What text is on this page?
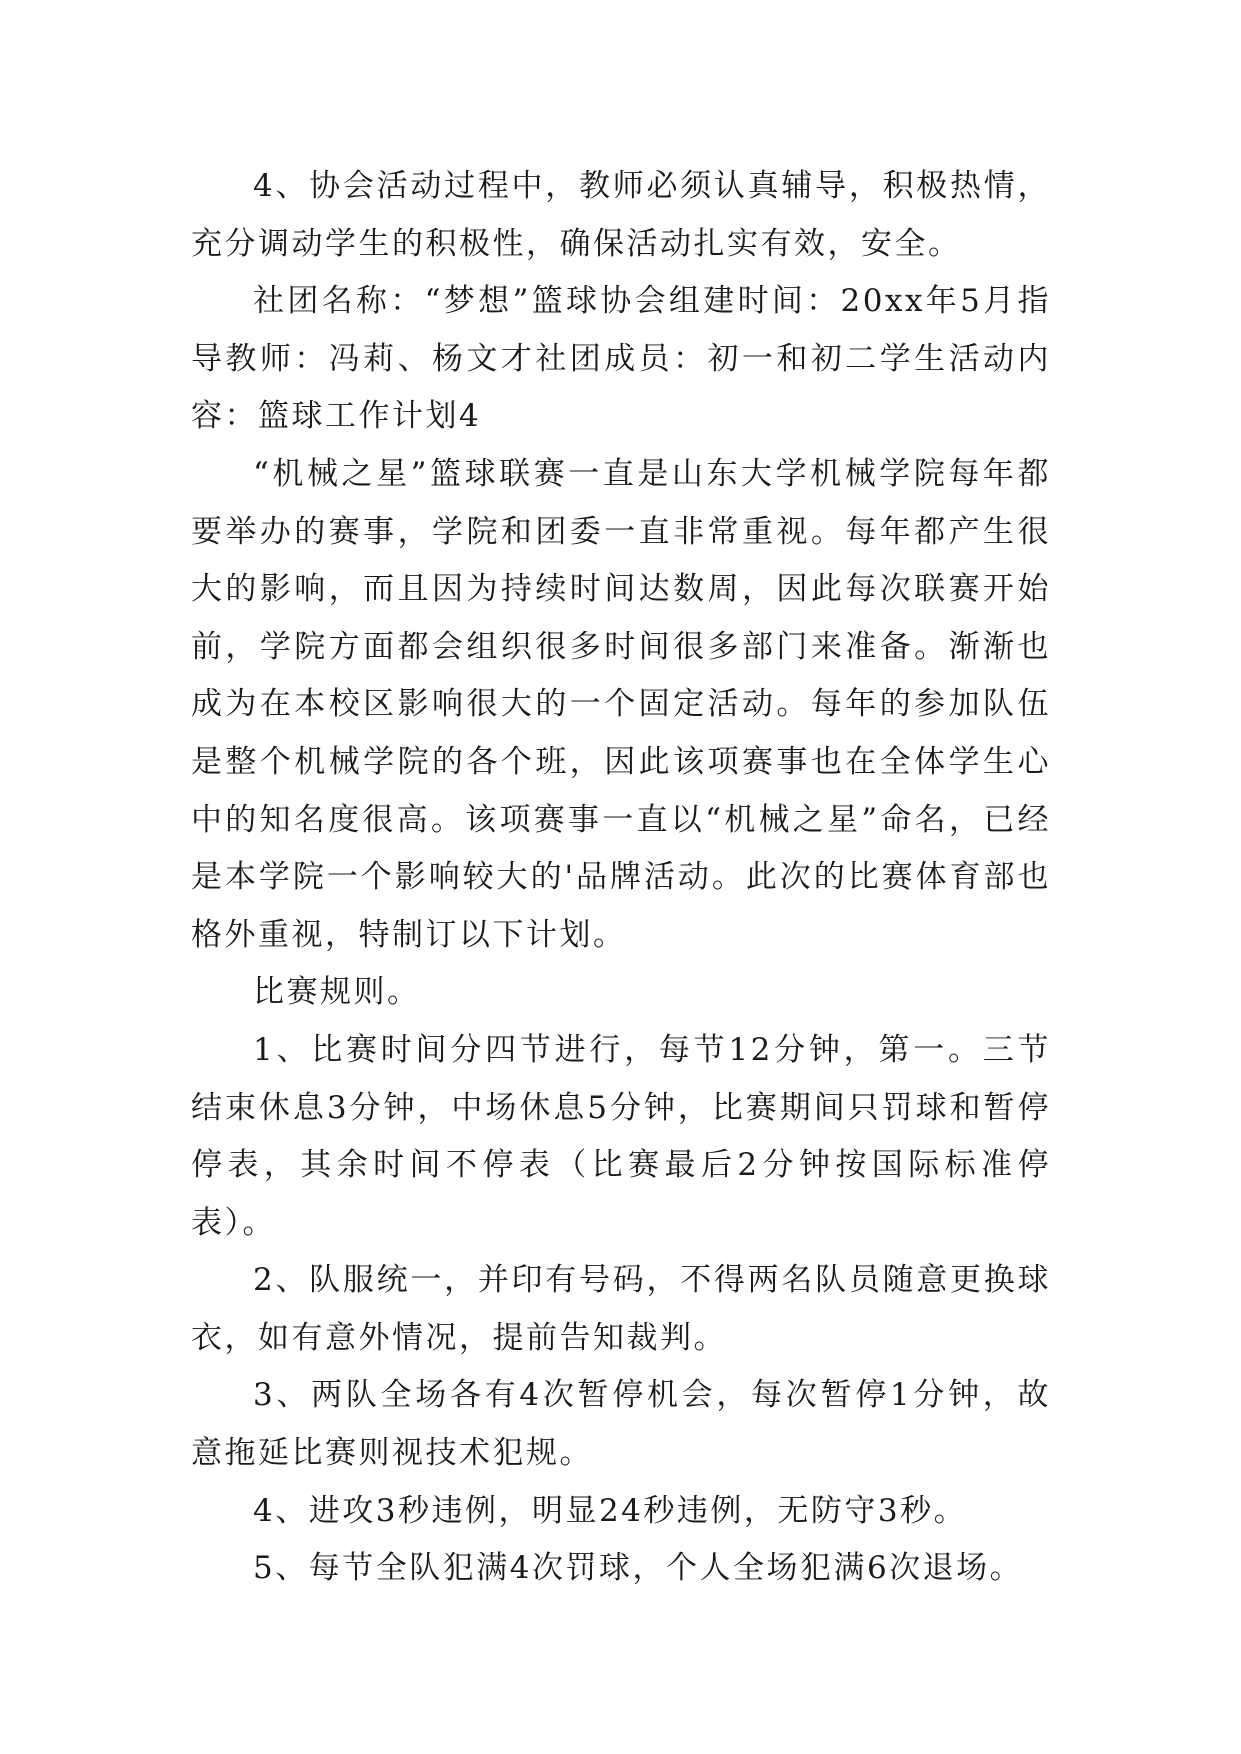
4、协会活动过程中，教师必须认真辅导，积极热情，充分调动学生的积极性，确保活动扎实有效，安全。

社团名称：“梦想”篮球协会组建时间：20xx年5月指导教师：冯莉、杨文才社团成员：初一和初二学生活动内容：篮球工作计划4

“机械之星”篮球联赛一直是山东大学机械学院每年都要举办的赛事，学院和团委一直非常重视。每年都产生很大的影响，而且因为持续时间达数周，因此每次联赛开始前，学院方面都会组织很多时间很多部门来准备。渐渐也成为在本校区影响很大的一个固定活动。每年的参加队伍是整个机械学院的各个班，因此该项赛事也在全体学生心中的知名度很高。该项赛事一直以“机械之星”命名，已经是本学院一个影响较大的'品牌活动。此次的比赛体育部也格外重视，特制订以下计划。

比赛规则。

1、比赛时间分四节进行，每节12分钟，第一。三节结束休息3分钟，中场休息5分钟，比赛期间只罚球和暂停停表，其余时间不停表（比赛最后2分钟按国际标准停表）。

2、队服统一，并印有号码，不得两名队员随意更换球衣，如有意外情况，提前告知裁判。

3、两队全场各有4次暂停机会，每次暂停1分钟，故意拖延比赛则视技术犯规。

4、进攻3秒违例，明显24秒违例，无防守3秒。

5、每节全队犯满4次罚球，个人全场犯满6次退场。
